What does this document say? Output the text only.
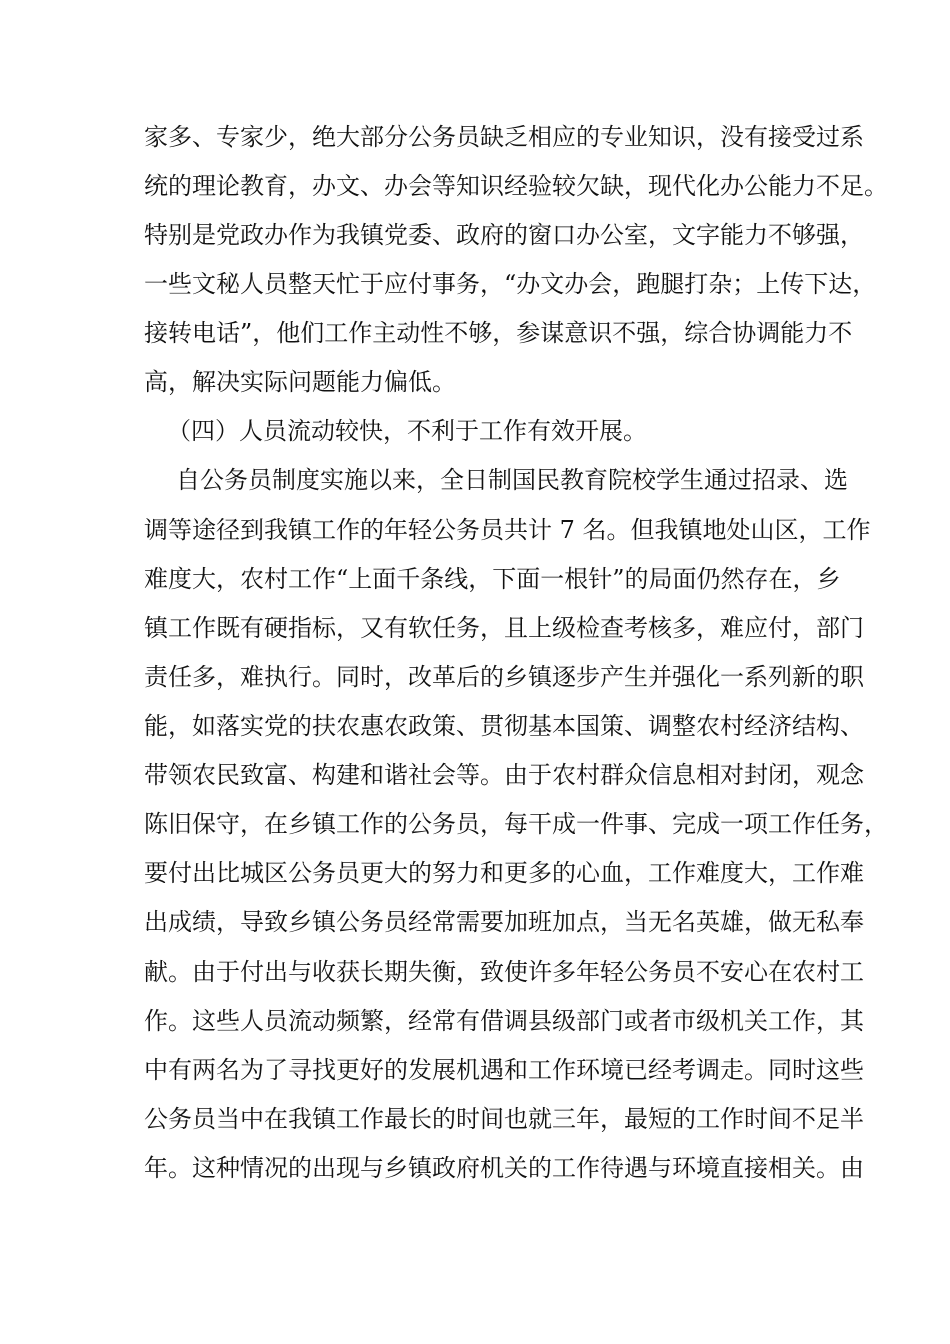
家多、专家少，绝大部分公务员缺乏相应的专业知识，没有接受过系
统的理论教育，办文、办会等知识经验较欠缺，现代化办公能力不足。
特别是党政办作为我镇党委、政府的窗口办公室，文字能力不够强，
一些文秘人员整天忙于应付事务，“办文办会，跑腿打杂；上传下达，
接转电话”，他们工作主动性不够，参谋意识不强，综合协调能力不
高，解决实际问题能力偏低。
（四）人员流动较快，不利于工作有效开展。
自公务员制度实施以来，全日制国民教育院校学生通过招录、选
调等途径到我镇工作的年轻公务员共计 7 名。但我镇地处山区，工作
难度大，农村工作“上面千条线，下面一根针”的局面仍然存在，乡
镇工作既有硬指标，又有软任务，且上级检查考核多，难应付，部门
责任多，难执行。同时，改革后的乡镇逐步产生并强化一系列新的职
能，如落实党的扶农惠农政策、贯彻基本国策、调整农村经济结构、
带领农民致富、构建和谐社会等。由于农村群众信息相对封闭，观念
陈旧保守，在乡镇工作的公务员，每干成一件事、完成一项工作任务，
要付出比城区公务员更大的努力和更多的心血，工作难度大，工作难
出成绩，导致乡镇公务员经常需要加班加点，当无名英雄，做无私奉
献。由于付出与收获长期失衡，致使许多年轻公务员不安心在农村工
作。这些人员流动频繁，经常有借调县级部门或者市级机关工作，其
中有两名为了寻找更好的发展机遇和工作环境已经考调走。同时这些
公务员当中在我镇工作最长的时间也就三年，最短的工作时间不足半
年。这种情况的出现与乡镇政府机关的工作待遇与环境直接相关。由
